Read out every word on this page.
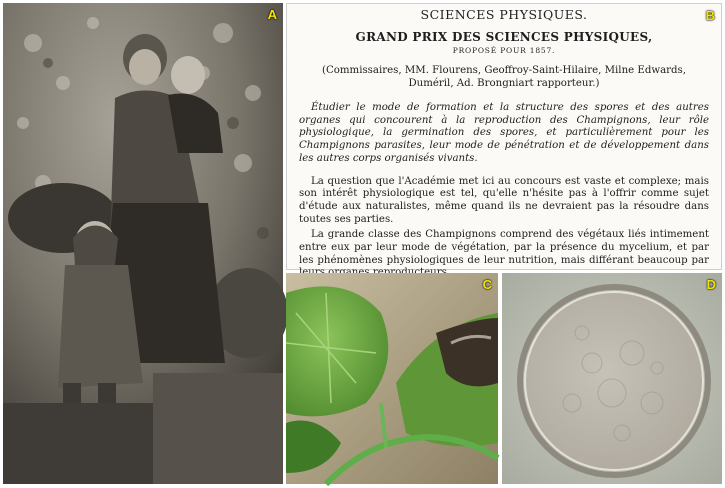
A	SCIENCES PHYSIQUES.

GRAND PRIX DES SCIENCES PHYSIQUES,

PROPOSÉ POUR 1857.

(Commissaires, MM. Flourens, Geoffroy-Saint-Hilaire, Milne Edwards,
Duméril, Ad. Brongniart rapporteur.)

Étudier le mode de formation et la structure des spores et des autres organes qui concourent à la reproduction des Champignons, leur rôle physiologique, la germination des spores, et particulièrement pour les Champignons parasites, leur mode de pénétration et de développement dans les autres corps organisés vivants.

La question que l'Académie met ici au concours est vaste et complexe; mais son intérêt physiologique est tel, qu'elle n'hésite pas à l'offrir comme sujet d'étude aux naturalistes, même quand ils ne devraient pas la résoudre dans toutes ses parties.

La grande classe des Champignons comprend des végétaux liés intimement entre eux par leur mode de végétation, par la présence du mycelium, et par les phénomènes physiologiques de leur nutrition, mais différant beaucoup par

B
C	D
